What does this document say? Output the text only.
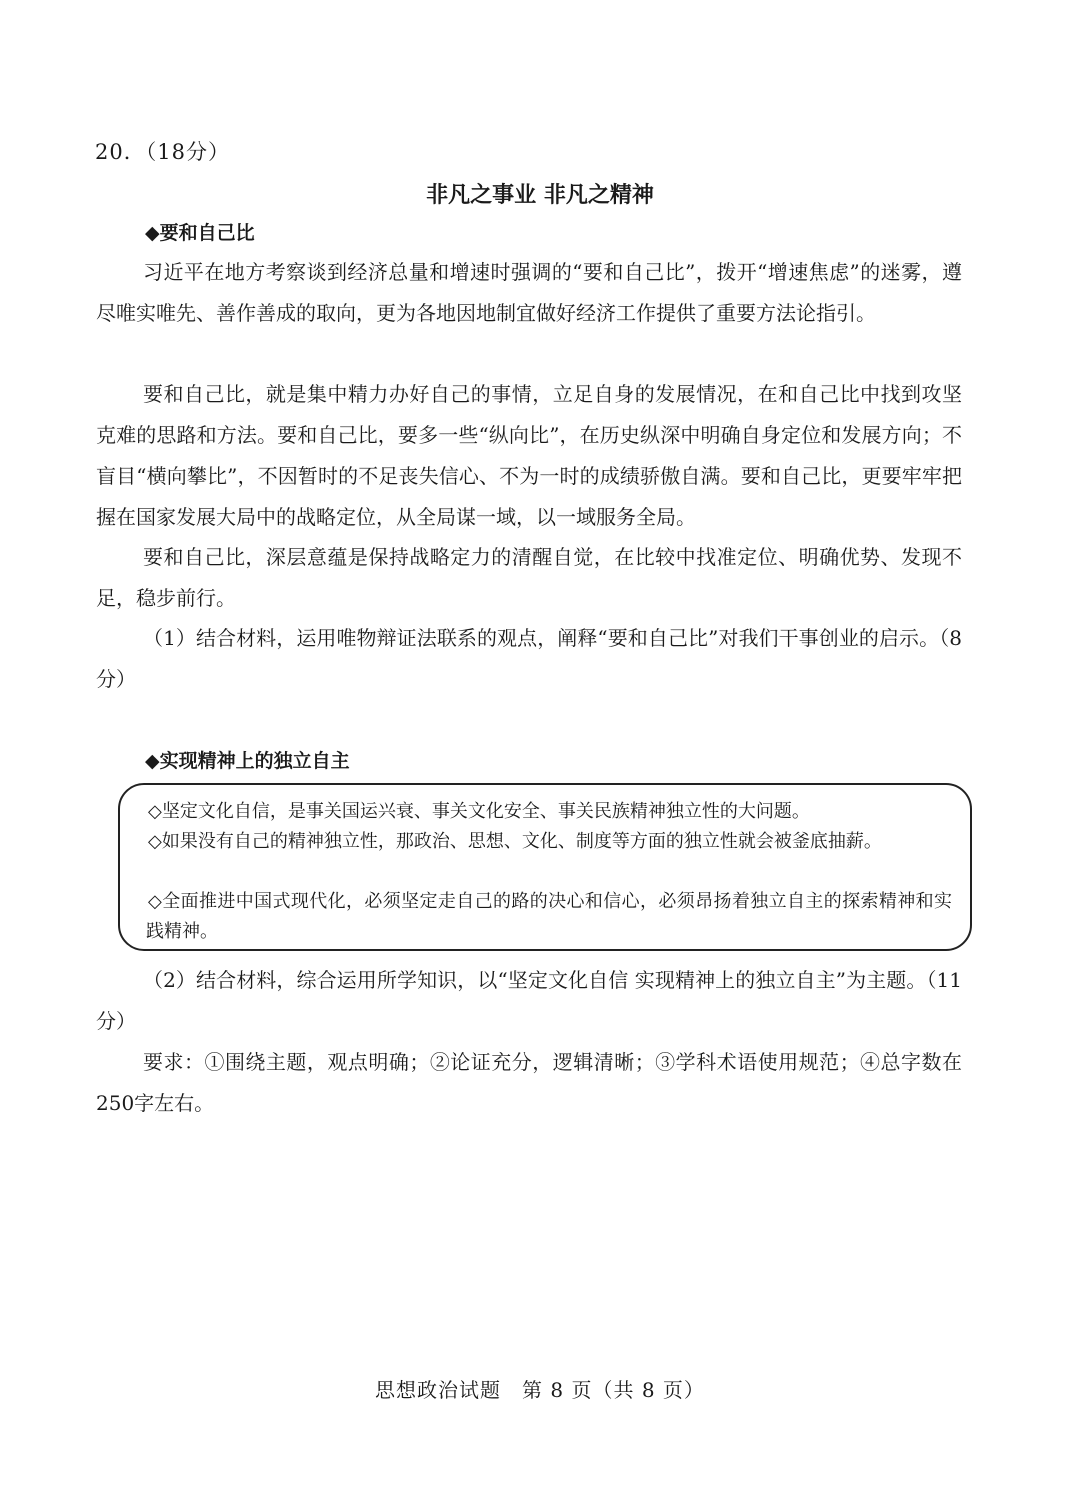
20．（18分）
非凡之事业 非凡之精神
◆要和自己比

习近平在地方考察谈到经济总量和增速时强调的“要和自己比”，拨开“增速焦虑”的迷雾，遵尽唯实唯先、善作善成的取向，更为各地因地制宜做好经济工作提供了重要方法论指引。

要和自己比，就是集中精力办好自己的事情，立足自身的发展情况，在和自己比中找到攻坚克难的思路和方法。要和自己比，要多一些“纵向比”，在历史纵深中明确自身定位和发展方向；不盲目“横向攀比”，不因暂时的不足丧失信心、不为一时的成绩骄傲自满。要和自己比，更要牢牢把握在国家发展大局中的战略定位，从全局谋一域，以一域服务全局。

要和自己比，深层意蕴是保持战略定力的清醒自觉，在比较中找准定位、明确优势、发现不足，稳步前行。

（1）结合材料，运用唯物辩证法联系的观点，阐释“要和自己比”对我们干事创业的启示。（8分）

◆实现精神上的独立自主

◇坚定文化自信，是事关国运兴衰、事关文化安全、事关民族精神独立性的大问题。

◇如果没有自己的精神独立性，那政治、思想、文化、制度等方面的独立性就会被釜底抽薪。

◇全面推进中国式现代化，必须坚定走自己的路的决心和信心，必须昂扬着独立自主的探索精神和实践精神。

（2）结合材料，综合运用所学知识，以“坚定文化自信 实现精神上的独立自主”为主题。（11分）

要求：①围绕主题，观点明确；②论证充分，逻辑清晰；③学科术语使用规范；④总字数在250字左右。

思想政治试题　第 8 页（共 8 页）
